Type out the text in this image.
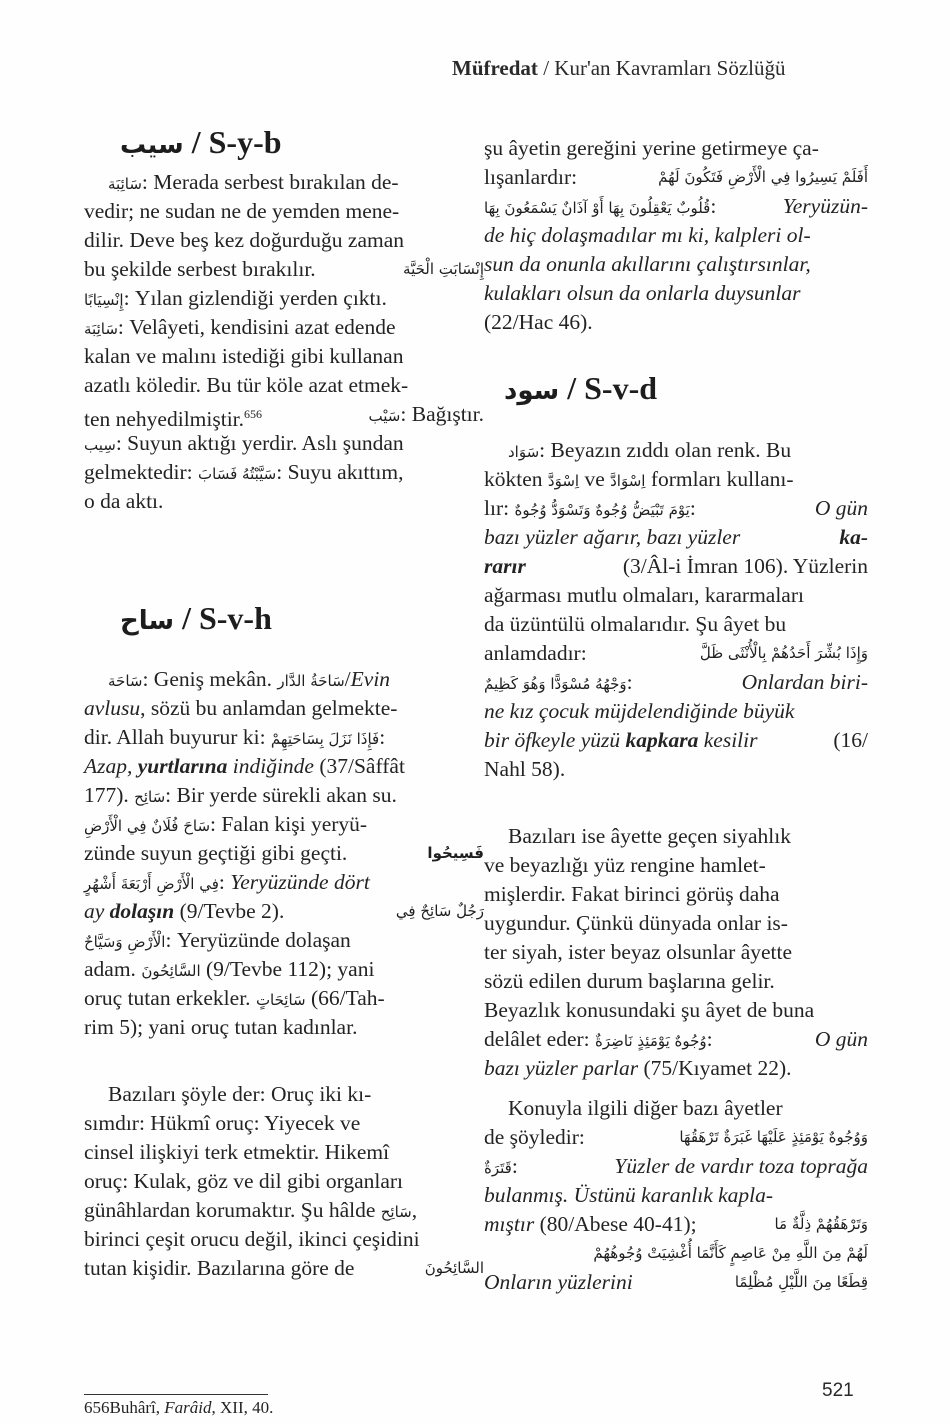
Müfredat / Kur'an Kavramları Sözlüğü
سيب / S-y-b
سَائِبَة: Merada serbest bırakılan de-
vedir; ne sudan ne de yemden mene-
dilir. Deve beş kez doğurduğu zaman
bu şekilde serbest bırakılır.	إِنْسَابَتِ الْحَيَّة
إِنْسِيَابًا: Yılan gizlendiği yerden çıktı.
سَائِبَة: Velâyeti, kendisini azat edende
kalan ve malını istediği gibi kullanan
azatlı köledir. Bu tür köle azat etmek-
ten nehyedilmiştir.$^{656}$	سَيْب: Bağıştır.
سِيب: Suyun aktığı yerdir. Aslı şundan
gelmektedir: سَيَّبْتُهُ فَسَابَ: Suyu akıttım,
o da aktı.
ساح / S-v-h
سَاحَة: Geniş mekân. سَاحَةُ الدَّار/Evin
avlusu, sözü bu anlamdan gelmekte-
dir. Allah buyurur ki: فَإِذَا نَزَلَ بِسَاحَتِهِمْ:
Azap, yurtlarına indiğinde (37/Sâffât
177). سَائِح: Bir yerde sürekli akan su.
سَاحَ فُلَانٌ فِي الْأَرْضِ: Falan kişi yeryü-
zünde suyun geçtiği gibi geçti.	فَسِيحُوا
فِي الْأَرْضِ أَرْبَعَةَ أَشْهُرٍ: Yeryüzünde dört
ay dolaşın (9/Tevbe 2).	رَجُلٌ سَائِحٌ فِي
الْأَرْضِ وَسَيَّاحٌ: Yeryüzünde dolaşan
adam. السَّائِحُونَ (9/Tevbe 112); yani
oruç tutan erkekler. سَائِحَاتٍ (66/Tah-
rim 5); yani oruç tutan kadınlar.
Bazıları şöyle der: Oruç iki kı-
sımdır: Hükmî oruç: Yiyecek ve
cinsel ilişkiyi terk etmektir. Hikemî
oruç: Kulak, göz ve dil gibi organları
günâhlardan korumaktır. Şu hâlde سَائِح,
birinci çeşit orucu değil, ikinci çeşidini
tutan kişidir. Bazılarına göre de	السَّائِحُونَ
şu âyetin gereğini yerine getirmeye ça-
lışanlardır:	أَفَلَمْ يَسِيرُوا فِي الْأَرْضِ فَتَكُونَ لَهُمْ
قُلُوبٌ يَعْقِلُونَ بِهَا أَوْ آذَانٌ يَسْمَعُونَ بِهَا:	Yeryüzün-
de hiç dolaşmadılar mı ki, kalpleri ol-
sun da onunla akıllarını çalıştırsınlar,
kulakları olsun da onlarla duysunlar
(22/Hac 46).
سود / S-v-d
سَوَاد: Beyazın zıddı olan renk. Bu
kökten اِسْوَدَّ ve اِسْوَادَّ formları kullanı-
lır: يَوْمَ تَبْيَضُّ وُجُوهٌ وَتَسْوَدُّ وُجُوهٌ:	O gün
bazı yüzler ağarır, bazı yüzler	ka-
rarır	(3/Âl-i İmran 106). Yüzlerin
ağarması mutlu olmaları, kararmaları
da üzüntülü olmalarıdır. Şu âyet bu
anlamdadır:	وَإِذَا بُشِّرَ أَحَدُهُمْ بِالْأُنْثَى ظَلَّ
وَجْهُهُ مُسْوَدًّا وَهُوَ كَظِيمٌ:	Onlardan biri-
ne kız çocuk müjdelendiğinde büyük
bir öfkeyle yüzü kapkara kesilir	(16/
Nahl 58).
Bazıları ise âyette geçen siyahlık
ve beyazlığı yüz rengine hamlet-
mişlerdir. Fakat birinci görüş daha
uygundur. Çünkü dünyada onlar is-
ter siyah, ister beyaz olsunlar âyette
sözü edilen durum başlarına gelir.
Beyazlık konusundaki şu âyet de buna
delâlet eder: وُجُوهٌ يَوْمَئِذٍ نَاضِرَةٌ:	O gün
bazı yüzler parlar (75/Kıyamet 22).
Konuyla ilgili diğer bazı âyetler
de şöyledir:	وَوُجُوهٌ يَوْمَئِذٍ عَلَيْهَا غَبَرَةٌ تَرْهَقُهَا
قَتَرَةٌ:	Yüzler de vardır toza toprağa
bulanmış. Üstünü karanlık kapla-
mıştır (80/Abese 40-41);	وَتَرْهَقُهُمْ ذِلَّةٌ مَا
لَهُمْ مِنَ اللَّهِ مِنْ عَاصِمٍ كَأَنَّمَا أُغْشِيَتْ وُجُوهُهُمْ
Onların yüzlerini	قِطَعًا مِنَ اللَّيْلِ مُظْلِمًا
656Buhârî, Farâid, XII, 40.
521
